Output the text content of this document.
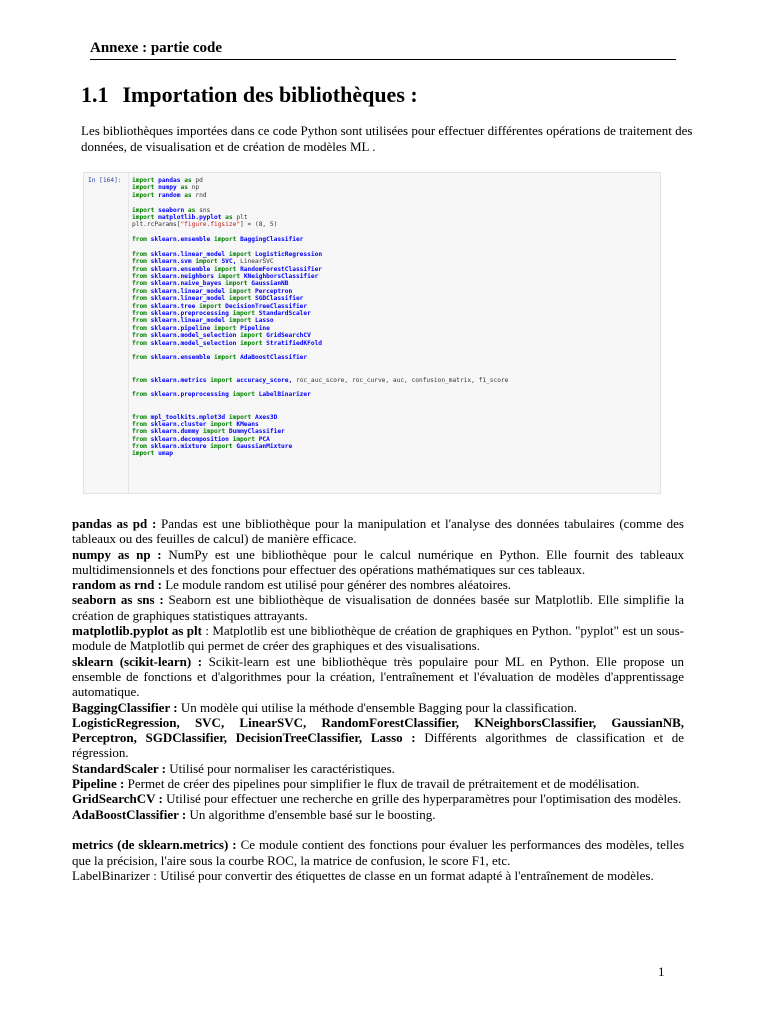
Annexe : partie code
1.1 Importation des bibliothèques :

Les bibliothèques importées dans ce code Python sont utilisées pour effectuer différentes opérations de traitement des données, de visualisation et de création de modèles ML .

In [164]: import pandas as pd
import numpy as np
import random as rnd
import seaborn as sns
import matplotlib.pyplot as plt
plt.rcParams["figure.figsize"] = (8, 5)
from sklearn.ensemble import BaggingClassifier
from sklearn.linear_model import LogisticRegression
from sklearn.svm import SVC, LinearSVC
from sklearn.ensemble import RandomForestClassifier
from sklearn.neighbors import KNeighborsClassifier
from sklearn.naive_bayes import GaussianNB
from sklearn.linear_model import Perceptron
from sklearn.linear_model import SGDClassifier
from sklearn.tree import DecisionTreeClassifier
from sklearn.preprocessing import StandardScaler
from sklearn.linear_model import Lasso
from sklearn.pipeline import Pipeline
from sklearn.model_selection import GridSearchCV
from sklearn.model_selection import StratifiedKFold
from sklearn.ensemble import AdaBoostClassifier
from sklearn.metrics import accuracy_score, roc_auc_score, roc_curve, auc, confusion_matrix, f1_score
from sklearn.preprocessing import LabelBinarizer
from mpl_toolkits.mplot3d import Axes3D
from sklearn.cluster import KMeans
from sklearn.dummy import DummyClassifier
from sklearn.decomposition import PCA
from sklearn.mixture import GaussianMixture
import umap

pandas as pd : Pandas est une bibliothèque pour la manipulation et l'analyse des données tabulaires (comme des tableaux ou des feuilles de calcul) de manière efficace.

numpy as np : NumPy est une bibliothèque pour le calcul numérique en Python. Elle fournit des tableaux multidimensionnels et des fonctions pour effectuer des opérations mathématiques sur ces tableaux.

random as rnd : Le module random est utilisé pour générer des nombres aléatoires.

seaborn as sns : Seaborn est une bibliothèque de visualisation de données basée sur Matplotlib. Elle simplifie la création de graphiques statistiques attrayants.

matplotlib.pyplot as plt : Matplotlib est une bibliothèque de création de graphiques en Python. "pyplot" est un sous-module de Matplotlib qui permet de créer des graphiques et des visualisations.

sklearn (scikit-learn) : Scikit-learn est une bibliothèque très populaire pour ML en Python. Elle propose un ensemble de fonctions et d'algorithmes pour la création, l'entraînement et l'évaluation de modèles d'apprentissage automatique.

BaggingClassifier : Un modèle qui utilise la méthode d'ensemble Bagging pour la classification.

LogisticRegression, SVC, LinearSVC, RandomForestClassifier, KNeighborsClassifier, GaussianNB, Perceptron, SGDClassifier, DecisionTreeClassifier, Lasso : Différents algorithmes de classification et de régression.

StandardScaler : Utilisé pour normaliser les caractéristiques.

Pipeline : Permet de créer des pipelines pour simplifier le flux de travail de prétraitement et de modélisation.

GridSearchCV : Utilisé pour effectuer une recherche en grille des hyperparamètres pour l'optimisation des modèles.

AdaBoostClassifier : Un algorithme d'ensemble basé sur le boosting.

metrics (de sklearn.metrics) : Ce module contient des fonctions pour évaluer les performances des modèles, telles que la précision, l'aire sous la courbe ROC, la matrice de confusion, le score F1, etc.

LabelBinarizer : Utilisé pour convertir des étiquettes de classe en un format adapté à l'entraînement de modèles.

1
